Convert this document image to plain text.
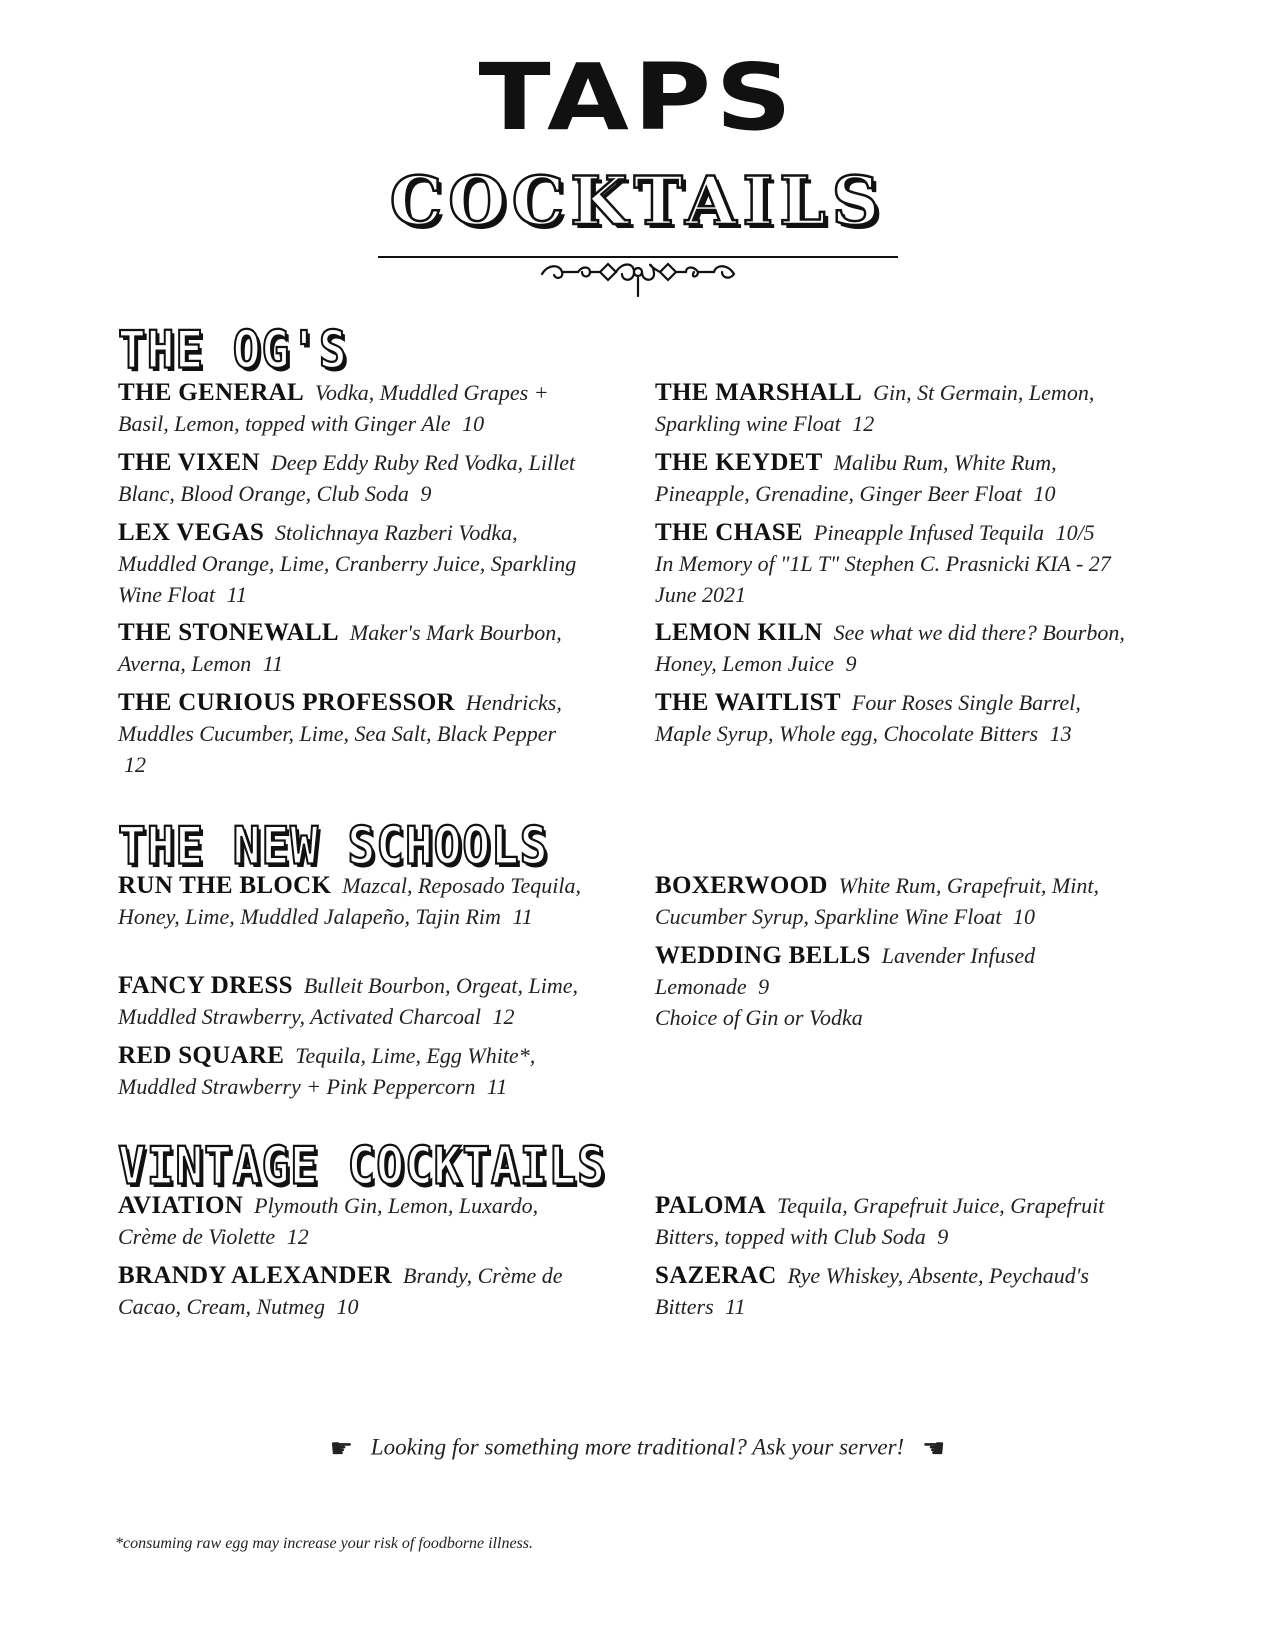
TAPS
COCKTAILS
THE OG'S
THE GENERAL Vodka, Muddled Grapes + Basil, Lemon, topped with Ginger Ale 10
THE VIXEN Deep Eddy Ruby Red Vodka, Lillet Blanc, Blood Orange, Club Soda 9
LEX VEGAS Stolichnaya Razberi Vodka, Muddled Orange, Lime, Cranberry Juice, Sparkling Wine Float 11
THE STONEWALL Maker's Mark Bourbon, Averna, Lemon 11
THE CURIOUS PROFESSOR Hendricks, Muddles Cucumber, Lime, Sea Salt, Black Pepper 12
THE MARSHALL Gin, St Germain, Lemon, Sparkling wine Float 12
THE KEYDET Malibu Rum, White Rum, Pineapple, Grenadine, Ginger Beer Float 10
THE CHASE Pineapple Infused Tequila 10/5
In Memory of "1L T" Stephen C. Prasnicki KIA - 27 June 2021
LEMON KILN See what we did there? Bourbon, Honey, Lemon Juice 9
THE WAITLIST Four Roses Single Barrel, Maple Syrup, Whole egg, Chocolate Bitters 13
THE NEW SCHOOLS
RUN THE BLOCK Mazcal, Reposado Tequila, Honey, Lime, Muddled Jalapeño, Tajin Rim 11
FANCY DRESS Bulleit Bourbon, Orgeat, Lime, Muddled Strawberry, Activated Charcoal 12
RED SQUARE Tequila, Lime, Egg White*, Muddled Strawberry + Pink Peppercorn 11
BOXERWOOD White Rum, Grapefruit, Mint, Cucumber Syrup, Sparkline Wine Float 10
WEDDING BELLS Lavender Infused Lemonade 9
Choice of Gin or Vodka
VINTAGE COCKTAILS
AVIATION Plymouth Gin, Lemon, Luxardo, Crème de Violette 12
BRANDY ALEXANDER Brandy, Crème de Cacao, Cream, Nutmeg 10
PALOMA Tequila, Grapefruit Juice, Grapefruit Bitters, topped with Club Soda 9
SAZERAC Rye Whiskey, Absente, Peychaud's Bitters 11
☛ Looking for something more traditional? Ask your server! ☚
*consuming raw egg may increase your risk of foodborne illness.
